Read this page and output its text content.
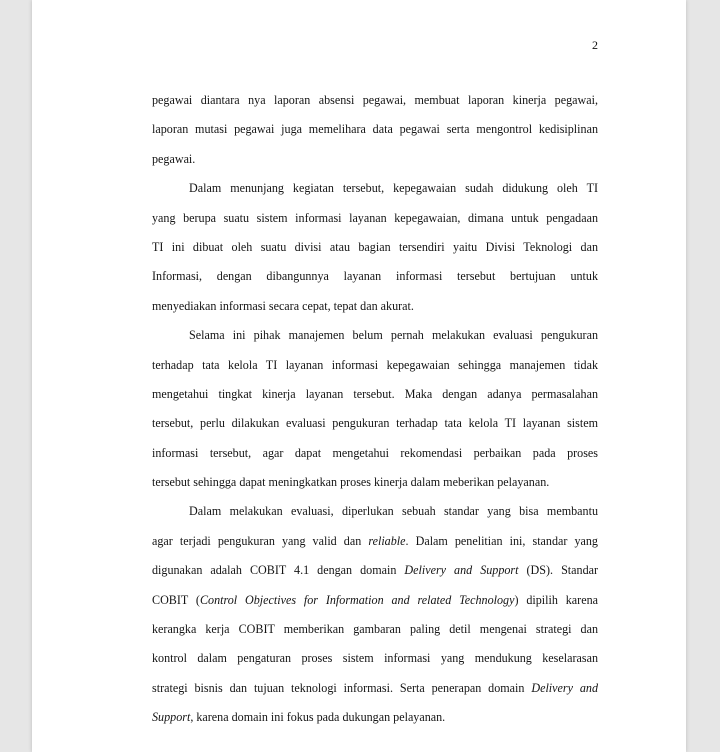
2
pegawai diantara nya laporan absensi pegawai, membuat laporan kinerja pegawai,
laporan mutasi pegawai juga memelihara data pegawai serta mengontrol kedisiplinan
pegawai.
Dalam menunjang kegiatan tersebut, kepegawaian sudah didukung oleh TI
yang berupa suatu sistem informasi layanan kepegawaian, dimana untuk pengadaan
TI ini dibuat oleh suatu divisi atau bagian tersendiri yaitu Divisi Teknologi dan
Informasi, dengan dibangunnya layanan informasi tersebut bertujuan untuk
menyediakan informasi secara cepat, tepat dan akurat.
Selama ini pihak manajemen belum pernah melakukan evaluasi pengukuran
terhadap tata kelola TI layanan informasi kepegawaian sehingga manajemen tidak
mengetahui tingkat kinerja layanan tersebut. Maka dengan adanya permasalahan
tersebut, perlu dilakukan evaluasi pengukuran terhadap tata kelola TI layanan sistem
informasi tersebut, agar dapat mengetahui rekomendasi perbaikan pada proses
tersebut sehingga dapat meningkatkan proses kinerja dalam meberikan pelayanan.
Dalam melakukan evaluasi, diperlukan sebuah standar yang bisa membantu
agar terjadi pengukuran yang valid dan reliable. Dalam penelitian ini, standar yang
digunakan adalah COBIT 4.1 dengan domain Delivery and Support (DS). Standar
COBIT (Control Objectives for Information and related Technology) dipilih karena
kerangka kerja COBIT memberikan gambaran paling detil mengenai strategi dan
kontrol dalam pengaturan proses sistem informasi yang mendukung keselarasan
strategi bisnis dan tujuan teknologi informasi. Serta penerapan domain Delivery and
Support, karena domain ini fokus pada dukungan pelayanan.
